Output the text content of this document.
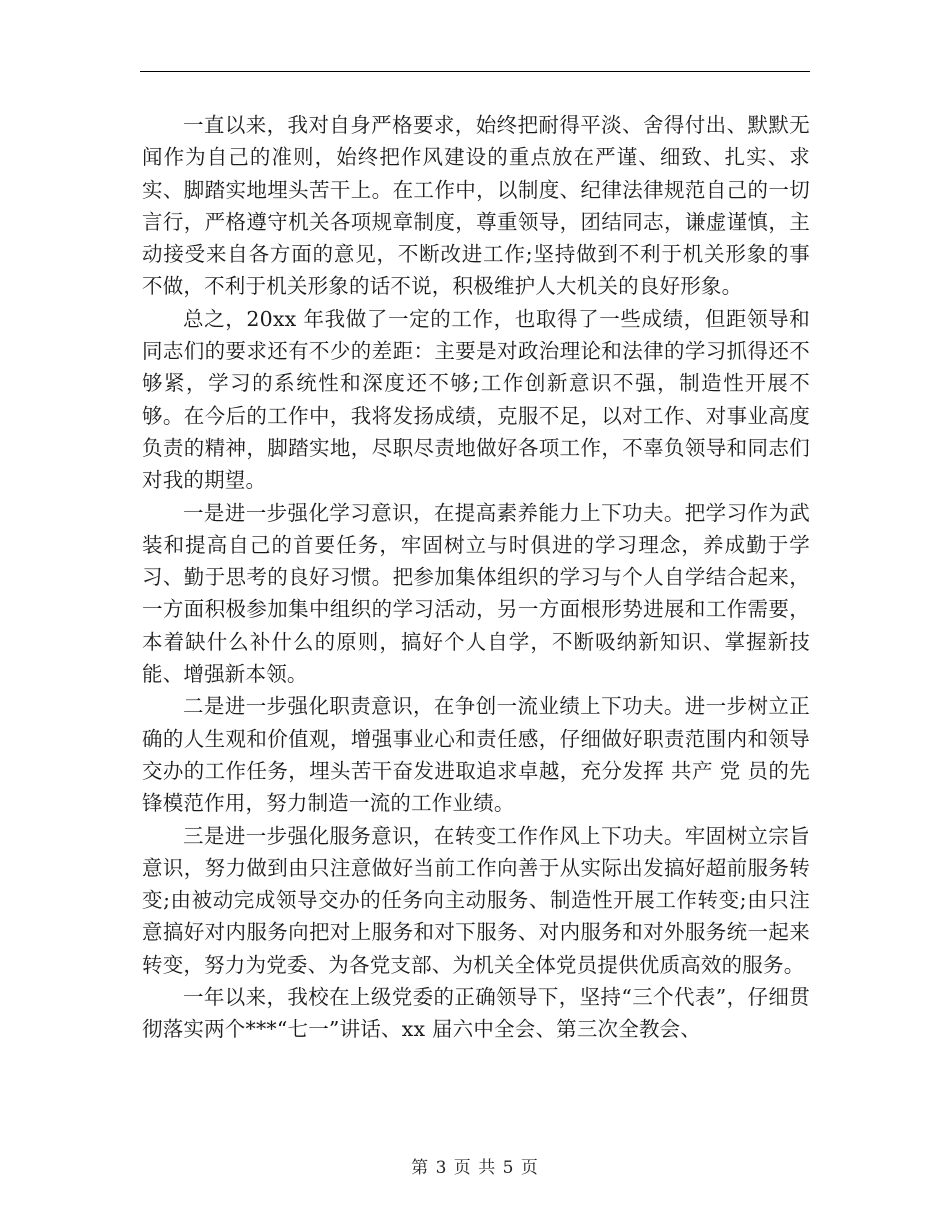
一直以来，我对自身严格要求，始终把耐得平淡、舍得付出、默默无闻作为自己的准则，始终把作风建设的重点放在严谨、细致、扎实、求实、脚踏实地埋头苦干上。在工作中，以制度、纪律法律规范自己的一切言行，严格遵守机关各项规章制度，尊重领导，团结同志，谦虚谨慎，主动接受来自各方面的意见，不断改进工作;坚持做到不利于机关形象的事不做，不利于机关形象的话不说，积极维护人大机关的良好形象。

总之，20xx 年我做了一定的工作，也取得了一些成绩，但距领导和同志们的要求还有不少的差距：主要是对政治理论和法律的学习抓得还不够紧，学习的系统性和深度还不够;工作创新意识不强，制造性开展不够。在今后的工作中，我将发扬成绩，克服不足，以对工作、对事业高度负责的精神，脚踏实地，尽职尽责地做好各项工作，不辜负领导和同志们对我的期望。

一是进一步强化学习意识，在提高素养能力上下功夫。把学习作为武装和提高自己的首要任务，牢固树立与时俱进的学习理念，养成勤于学习、勤于思考的良好习惯。把参加集体组织的学习与个人自学结合起来，一方面积极参加集中组织的学习活动，另一方面根形势进展和工作需要，本着缺什么补什么的原则，搞好个人自学，不断吸纳新知识、掌握新技能、增强新本领。

二是进一步强化职责意识，在争创一流业绩上下功夫。进一步树立正确的人生观和价值观，增强事业心和责任感，仔细做好职责范围内和领导交办的工作任务，埋头苦干奋发进取追求卓越，充分发挥 共产 党 员的先锋模范作用，努力制造一流的工作业绩。

三是进一步强化服务意识，在转变工作作风上下功夫。牢固树立宗旨意识，努力做到由只注意做好当前工作向善于从实际出发搞好超前服务转变;由被动完成领导交办的任务向主动服务、制造性开展工作转变;由只注意搞好对内服务向把对上服务和对下服务、对内服务和对外服务统一起来转变，努力为党委、为各党支部、为机关全体党员提供优质高效的服务。

一年以来，我校在上级党委的正确领导下，坚持“三个代表”，仔细贯彻落实两个***“七一”讲话、xx 届六中全会、第三次全教会、

第 3 页 共 5 页
